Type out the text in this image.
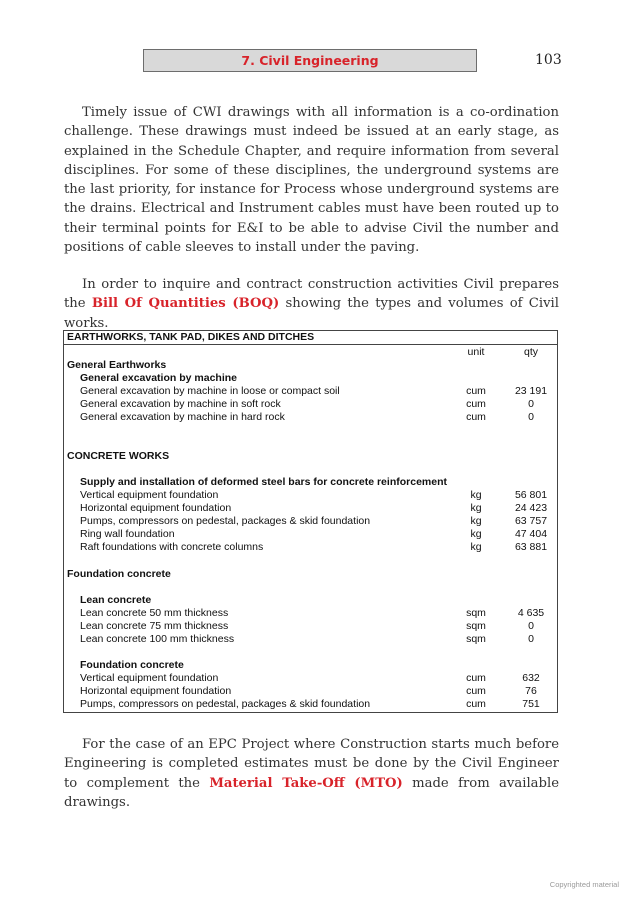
7. Civil Engineering	103

Timely issue of CWI drawings with all information is a co-ordination challenge. These drawings must indeed be issued at an early stage, as explained in the Schedule Chapter, and require information from several disciplines. For some of these disciplines, the underground systems are the last priority, for instance for Process whose underground systems are the drains. Electrical and Instrument cables must have been routed up to their terminal points for E&I to be able to advise Civil the number and positions of cable sleeves to install under the paving.

In order to inquire and contract construction activities Civil prepares the Bill Of Quantities (BOQ) showing the types and volumes of Civil works.

EARTHWORKS, TANK PAD, DIKES AND DITCHES
unit	qty
General Earthworks
General excavation by machine
General excavation by machine in loose or compact soil	cum	23 191
General excavation by machine in soft rock	cum	0
General excavation by machine in hard rock	cum	0
CONCRETE WORKS
Supply and installation of deformed steel bars for concrete reinforcement
Vertical equipment foundation	kg	56 801
Horizontal equipment foundation	kg	24 423
Pumps, compressors on pedestal, packages & skid foundation	kg	63 757
Ring wall foundation	kg	47 404
Raft foundations with concrete columns	kg	63 881
Foundation concrete
Lean concrete
Lean concrete 50 mm thickness	sqm	4 635
Lean concrete 75 mm thickness	sqm	0
Lean concrete 100 mm thickness	sqm	0
Foundation concrete
Vertical equipment foundation	cum	632
Horizontal equipment foundation	cum	76
Pumps, compressors on pedestal, packages & skid foundation	cum	751

For the case of an EPC Project where Construction starts much before Engineering is completed estimates must be done by the Civil Engineer to complement the Material Take-Off (MTO) made from available drawings.

Copyrighted material
